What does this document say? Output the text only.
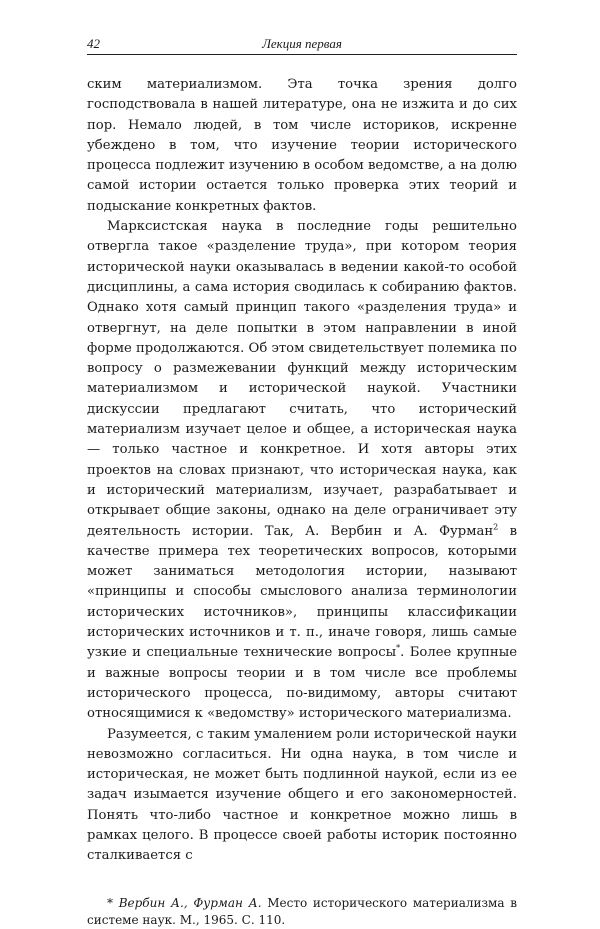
42	Лекция первая

ским материализмом. Эта точка зрения долго господствовала в нашей литературе, она не изжита и до сих пор. Немало людей, в том числе историков, искренне убеждено в том, что изучение теории исторического процесса подлежит изучению в особом ведомстве, а на долю самой истории остается только проверка этих теорий и подыскание конкретных фактов.

Марксистская наука в последние годы решительно отвергла такое «разделение труда», при котором теория исторической науки оказывалась в ведении какой-то особой дисциплины, а сама история сводилась к собиранию фактов. Однако хотя самый принцип такого «разделения труда» и отвергнут, на деле попытки в этом направлении в иной форме продолжаются. Об этом свидетельствует полемика по вопросу о размежевании функций между историческим материализмом и исторической наукой. Участники дискуссии предлагают считать, что исторический материализм изучает целое и общее, а историческая наука — только частное и конкретное. И хотя авторы этих проектов на словах признают, что историческая наука, как и исторический материализм, изучает, разрабатывает и открывает общие законы, однако на деле ограничивает эту деятельность истории. Так, А. Вербин и А. Фурман$^2$ в качестве примера тех теоретических вопросов, которыми может заниматься методология истории, называют «принципы и способы смыслового анализа терминологии исторических источников», принципы классификации исторических источников и т. п., иначе говоря, лишь самые узкие и специальные технические вопросы*. Более крупные и важные вопросы теории и в том числе все проблемы исторического процесса, по-видимому, авторы считают относящимися к «ведомству» исторического материализма.

Разумеется, с таким умалением роли исторической науки невозможно согласиться. Ни одна наука, в том числе и историческая, не может быть подлинной наукой, если из ее задач изымается изучение общего и его закономерностей. Понять что-либо частное и конкретное можно лишь в рамках целого. В процессе своей работы историк постоянно сталкивается с

* Вербин А., Фурман А. Место исторического материализма в системе наук. М., 1965. С. 110.
